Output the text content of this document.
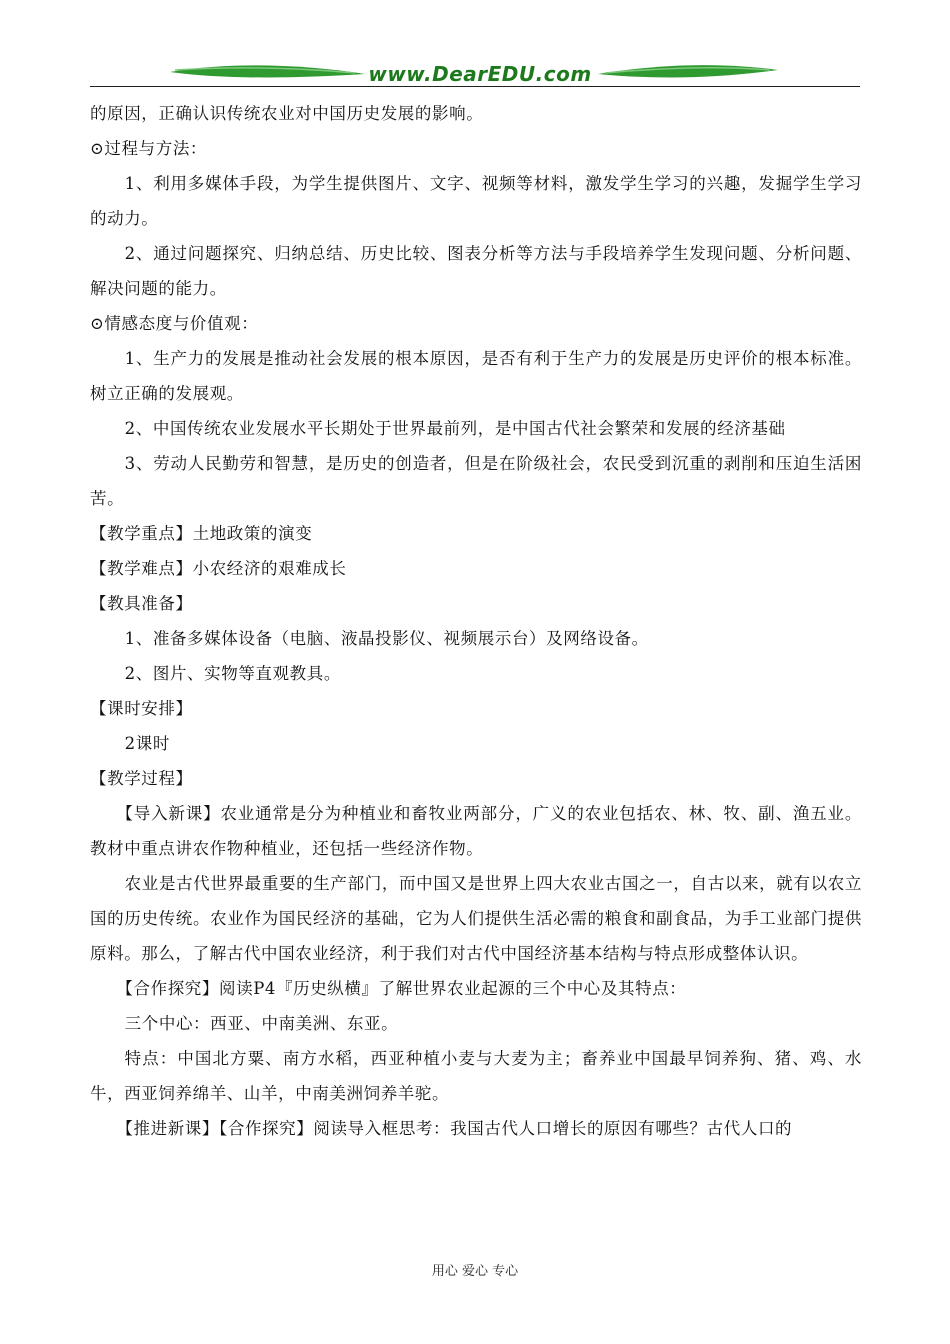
www.DearEDU.com

的原因，正确认识传统农业对中国历史发展的影响。

⊙过程与方法：

1、利用多媒体手段，为学生提供图片、文字、视频等材料，激发学生学习的兴趣，发掘学生学习的动力。

2、通过问题探究、归纳总结、历史比较、图表分析等方法与手段培养学生发现问题、分析问题、解决问题的能力。

⊙情感态度与价值观：

1、生产力的发展是推动社会发展的根本原因，是否有利于生产力的发展是历史评价的根本标准。树立正确的发展观。

2、中国传统农业发展水平长期处于世界最前列，是中国古代社会繁荣和发展的经济基础

3、劳动人民勤劳和智慧，是历史的创造者，但是在阶级社会，农民受到沉重的剥削和压迫生活困苦。

【教学重点】土地政策的演变

【教学难点】小农经济的艰难成长

【教具准备】

1、准备多媒体设备（电脑、液晶投影仪、视频展示台）及网络设备。

2、图片、实物等直观教具。

【课时安排】

2课时

【教学过程】

【导入新课】农业通常是分为种植业和畜牧业两部分，广义的农业包括农、林、牧、副、渔五业。教材中重点讲农作物种植业，还包括一些经济作物。

农业是古代世界最重要的生产部门，而中国又是世界上四大农业古国之一，自古以来，就有以农立国的历史传统。农业作为国民经济的基础，它为人们提供生活必需的粮食和副食品，为手工业部门提供原料。那么，了解古代中国农业经济，利于我们对古代中国经济基本结构与特点形成整体认识。

【合作探究】阅读P4『历史纵横』了解世界农业起源的三个中心及其特点：

三个中心：西亚、中南美洲、东亚。

特点：中国北方粟、南方水稻，西亚种植小麦与大麦为主；畜养业中国最早饲养狗、猪、鸡、水牛，西亚饲养绵羊、山羊，中南美洲饲养羊驼。

【推进新课】【合作探究】阅读导入框思考：我国古代人口增长的原因有哪些？古代人口的

用心 爱心 专心
